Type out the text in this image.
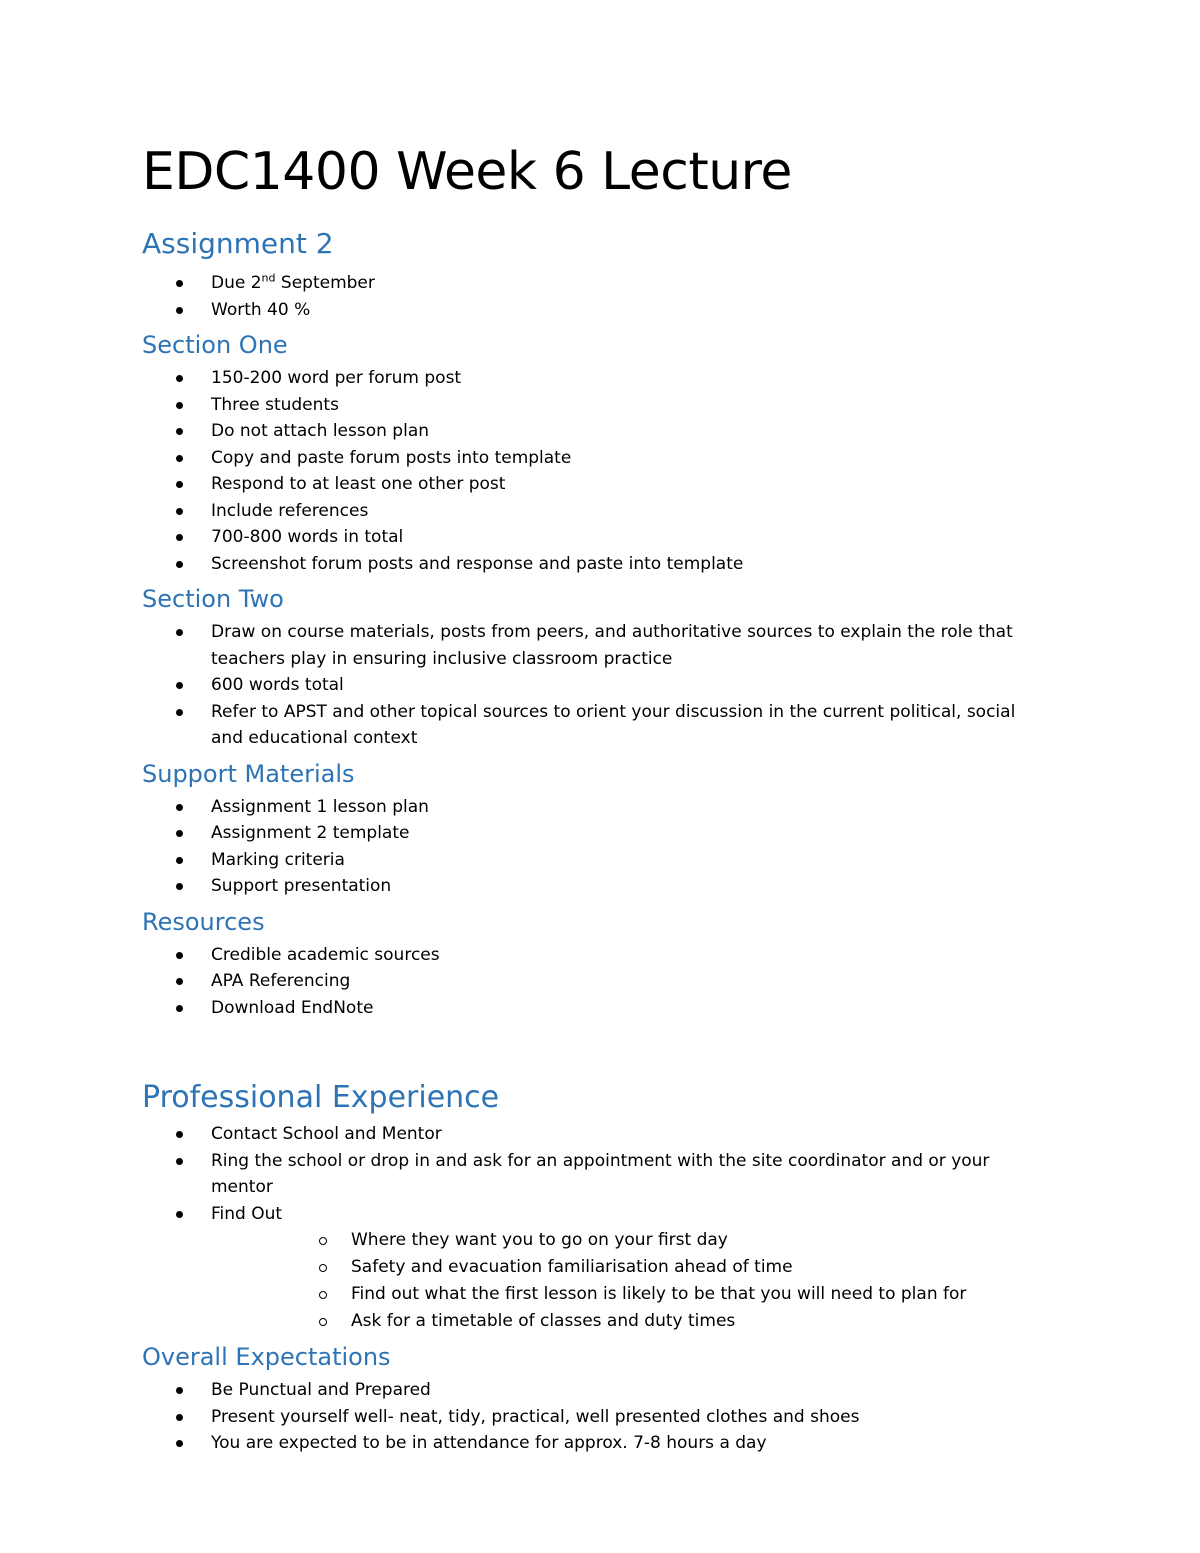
EDC1400 Week 6 Lecture
Assignment 2
Due 2nd September
Worth 40 %
Section One
150-200 word per forum post
Three students
Do not attach lesson plan
Copy and paste forum posts into template
Respond to at least one other post
Include references
700-800 words in total
Screenshot forum posts and response and paste into template
Section Two
Draw on course materials, posts from peers, and authoritative sources to explain the role that teachers play in ensuring inclusive classroom practice
600 words total
Refer to APST and other topical sources to orient your discussion in the current political, social and educational context
Support Materials
Assignment 1 lesson plan
Assignment 2 template
Marking criteria
Support presentation
Resources
Credible academic sources
APA Referencing
Download EndNote
Professional Experience
Contact School and Mentor
Ring the school or drop in and ask for an appointment with the site coordinator and or your mentor
Find Out
Where they want you to go on your first day
Safety and evacuation familiarisation ahead of time
Find out what the first lesson is likely to be that you will need to plan for
Ask for a timetable of classes and duty times
Overall Expectations
Be Punctual and Prepared
Present yourself well- neat, tidy, practical, well presented clothes and shoes
You are expected to be in attendance for approx. 7-8 hours a day
